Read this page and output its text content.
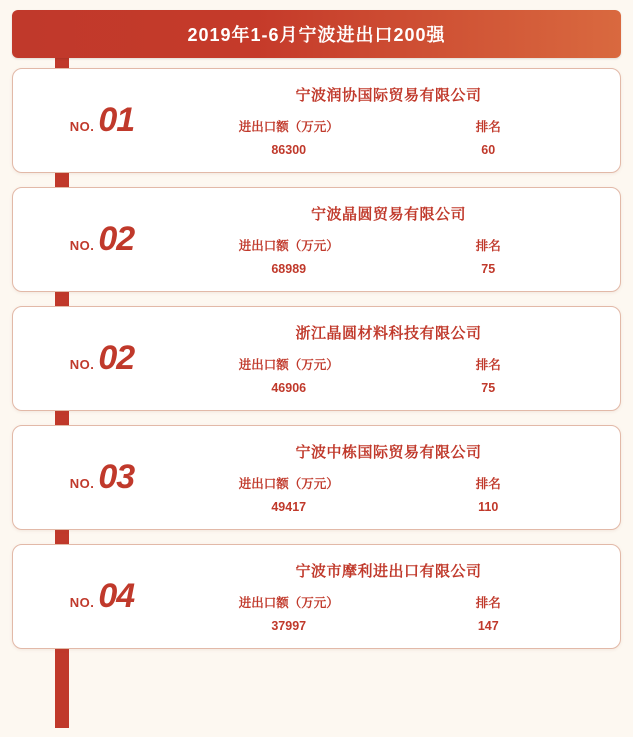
2019年1-6月宁波进出口200强
NO. 01
宁波润协国际贸易有限公司
进出口额（万元）
86300
排名
60
NO. 02
宁波晶圆贸易有限公司
进出口额（万元）
68989
排名
75
NO. 02
浙江晶圆材料科技有限公司
进出口额（万元）
46906
排名
75
NO. 03
宁波中栋国际贸易有限公司
进出口额（万元）
49417
排名
110
NO. 04
宁波市摩利进出口有限公司
进出口额（万元）
37997
排名
147
